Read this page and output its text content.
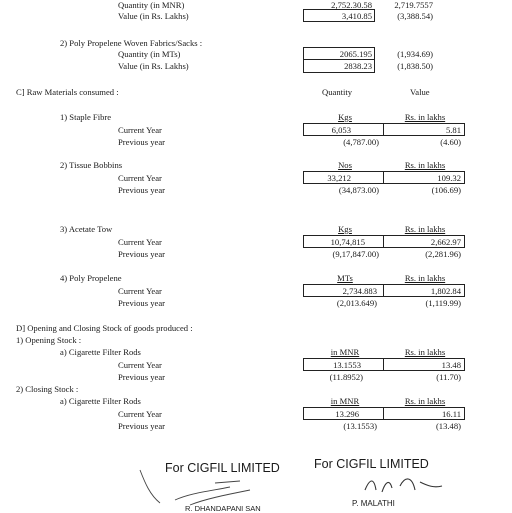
Quantity (in MNR)	2,752.30.58	2,719.7557
Value (in Rs. Lakhs)	3,410.85	(3,388.54)
2) Poly Propelene Woven Fabrics/Sacks :
Quantity (in MTs)	2065.195	(1,934.69)
Value (in Rs. Lakhs)	2838.23	(1,838.50)
C] Raw Materials consumed :	Quantity	Value
1) Staple Fibre	Kgs	Rs. in lakhs
Current Year	6,053	5.81
Previous year	(4,787.00)	(4.60)
2) Tissue Bobbins	Nos	Rs. in lakhs
Current Year	33,212	109.32
Previous year	(34,873.00)	(106.69)
3) Acetate Tow	Kgs	Rs. in lakhs
Current Year	10,74,815	2,662.97
Previous year	(9,17,847.00)	(2,281.96)
4) Poly Propelene	MTs	Rs. in lakhs
Current Year	2,734.883	1,802.84
Previous year	(2,013.649)	(1,119.99)
D] Opening and Closing Stock of goods produced :
1) Opening Stock :
a) Cigarette Filter Rods	in MNR	Rs. in lakhs
Current Year	13.1553	13.48
Previous year	(11.8952)	(11.70)
2) Closing Stock :
a) Cigarette Filter Rods	in MNR	Rs. in lakhs
Current Year	13.296	16.11
Previous year	(13.1553)	(13.48)
For CIGFIL LIMITED
R. DHANDAPANI SAN
For CIGFIL LIMITED
P. MALATHI
